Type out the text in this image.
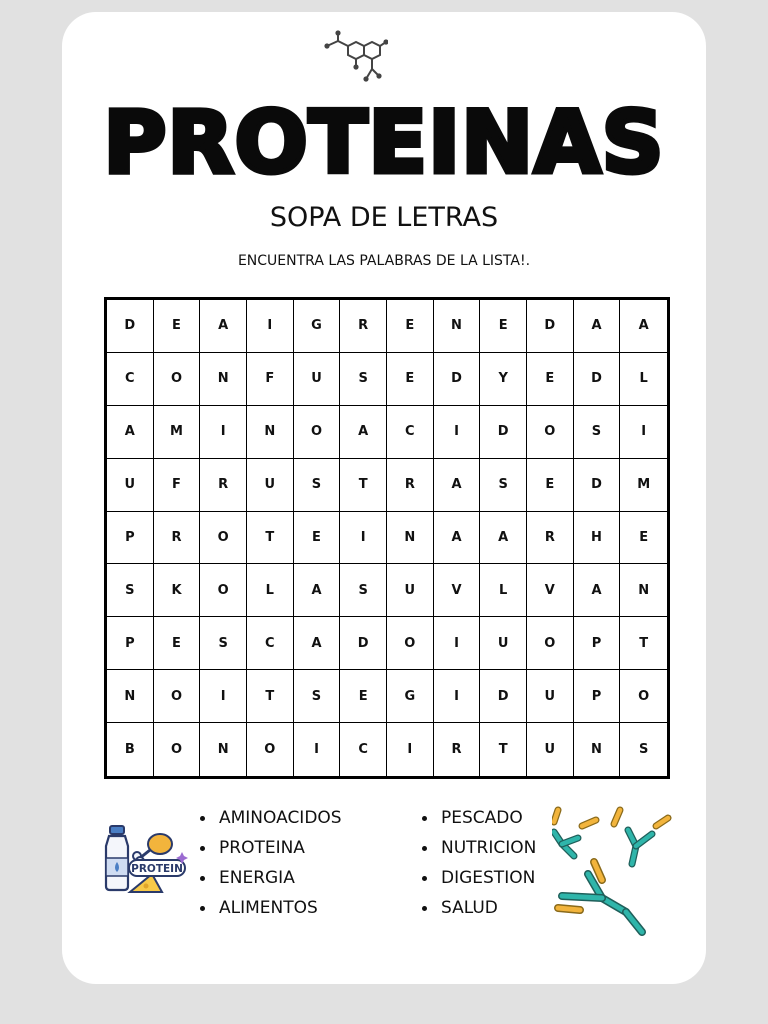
PROTEINAS
SOPA DE LETRAS
ENCUENTRA LAS PALABRAS DE LA LISTA!.
D	E	A	I	G	R	E	N	E	D	A	A
C	O	N	F	U	S	E	D	Y	E	D	L
A	M	I	N	O	A	C	I	D	O	S	I
U	F	R	U	S	T	R	A	S	E	D	M
P	R	O	T	E	I	N	A	A	R	H	E
S	K	O	L	A	S	U	V	L	V	A	N
P	E	S	C	A	D	O	I	U	O	P	T
N	O	I	T	S	E	G	I	D	U	P	O
B	O	N	O	I	C	I	R	T	U	N	S
AMINOACIDOS
PROTEINA
ENERGIA
ALIMENTOS
PESCADO
NUTRICION
DIGESTION
SALUD
PROTEIN
